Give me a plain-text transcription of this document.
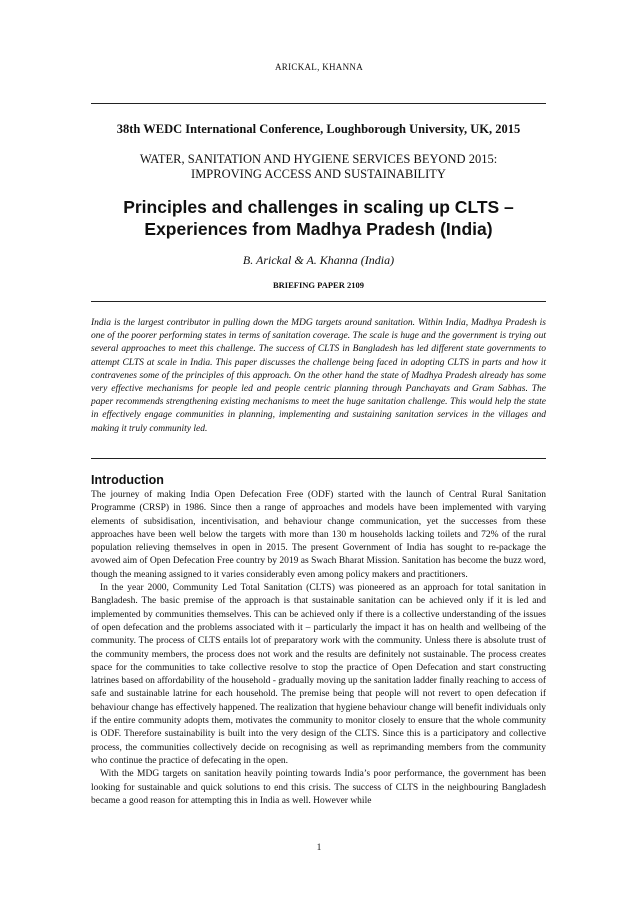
ARICKAL, KHANNA
38th WEDC International Conference, Loughborough University, UK, 2015
WATER, SANITATION AND HYGIENE SERVICES BEYOND 2015:
IMPROVING ACCESS AND SUSTAINABILITY
Principles and challenges in scaling up CLTS –
Experiences from Madhya Pradesh (India)
B. Arickal & A. Khanna (India)
BRIEFING PAPER 2109

India is the largest contributor in pulling down the MDG targets around sanitation. Within India, Madhya Pradesh is one of the poorer performing states in terms of sanitation coverage. The scale is huge and the government is trying out several approaches to meet this challenge. The success of CLTS in Bangladesh has led different state governments to attempt CLTS at scale in India. This paper discusses the challenge being faced in adopting CLTS in parts and how it contravenes some of the principles of this approach. On the other hand the state of Madhya Pradesh already has some very effective mechanisms for people led and people centric planning through Panchayats and Gram Sabhas. The paper recommends strengthening existing mechanisms to meet the huge sanitation challenge. This would help the state in effectively engage communities in planning, implementing and sustaining sanitation services in the villages and making it truly community led.

Introduction

The journey of making India Open Defecation Free (ODF) started with the launch of Central Rural Sanitation Programme (CRSP) in 1986. Since then a range of approaches and models have been implemented with varying elements of subsidisation, incentivisation, and behaviour change communication, yet the successes from these approaches have been well below the targets with more than 130 m households lacking toilets and 72% of the rural population relieving themselves in open in 2015. The present Government of India has sought to re-package the avowed aim of Open Defecation Free country by 2019 as Swach Bharat Mission. Sanitation has become the buzz word, though the meaning assigned to it varies considerably even among policy makers and practitioners.

In the year 2000, Community Led Total Sanitation (CLTS) was pioneered as an approach for total sanitation in Bangladesh. The basic premise of the approach is that sustainable sanitation can be achieved only if it is led and implemented by communities themselves. This can be achieved only if there is a collective understanding of the issues of open defecation and the problems associated with it – particularly the impact it has on health and wellbeing of the community. The process of CLTS entails lot of preparatory work with the community. Unless there is absolute trust of the community members, the process does not work and the results are definitely not sustainable. The process creates space for the communities to take collective resolve to stop the practice of Open Defecation and start constructing latrines based on affordability of the household - gradually moving up the sanitation ladder finally reaching to access of safe and sustainable latrine for each household. The premise being that people will not revert to open defecation if behaviour change has effectively happened. The realization that hygiene behaviour change will benefit individuals only if the entire community adopts them, motivates the community to monitor closely to ensure that the whole community is ODF. Therefore sustainability is built into the very design of the CLTS. Since this is a participatory and collective process, the communities collectively decide on recognising as well as reprimanding members from the community who continue the practice of defecating in the open.

With the MDG targets on sanitation heavily pointing towards India’s poor performance, the government has been looking for sustainable and quick solutions to end this crisis. The success of CLTS in the neighbouring Bangladesh became a good reason for attempting this in India as well. However while

1
